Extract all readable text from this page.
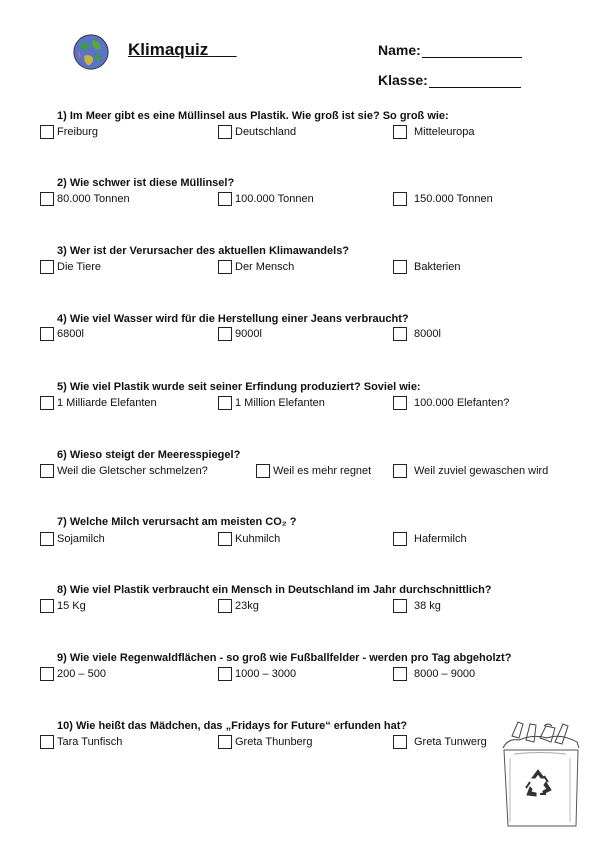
Klimaquiz	Name:
Klasse:
1) Im Meer gibt es eine Müllinsel aus Plastik. Wie groß ist sie? So groß wie:
Freiburg	Deutschland	Mitteleuropa
2) Wie schwer ist diese Müllinsel?
80.000 Tonnen	100.000 Tonnen	150.000 Tonnen
3) Wer ist der Verursacher des aktuellen Klimawandels?
Die Tiere	Der Mensch	Bakterien
4) Wie viel Wasser wird für die Herstellung einer Jeans verbraucht?
6800l	9000l	8000l
5) Wie viel Plastik wurde seit seiner Erfindung produziert? Soviel wie:
1 Milliarde Elefanten	1 Million Elefanten	100.000 Elefanten?
6) Wieso steigt der Meeresspiegel?
Weil die Gletscher schmelzen?	Weil es mehr regnet	Weil zuviel gewaschen wird
7) Welche Milch verursacht am meisten CO₂ ?
Sojamilch	Kuhmilch	Hafermilch
8) Wie viel Plastik verbraucht ein Mensch in Deutschland im Jahr durchschnittlich?
15 Kg	23kg	38 kg
9) Wie viele Regenwaldflächen - so groß wie Fußballfelder - werden pro Tag abgeholzt?
200 – 500	1000 – 3000	8000 – 9000
10) Wie heißt das Mädchen, das „Fridays for Future“ erfunden hat?
Tara Tunfisch	Greta Thunberg	Greta Tunwerg
